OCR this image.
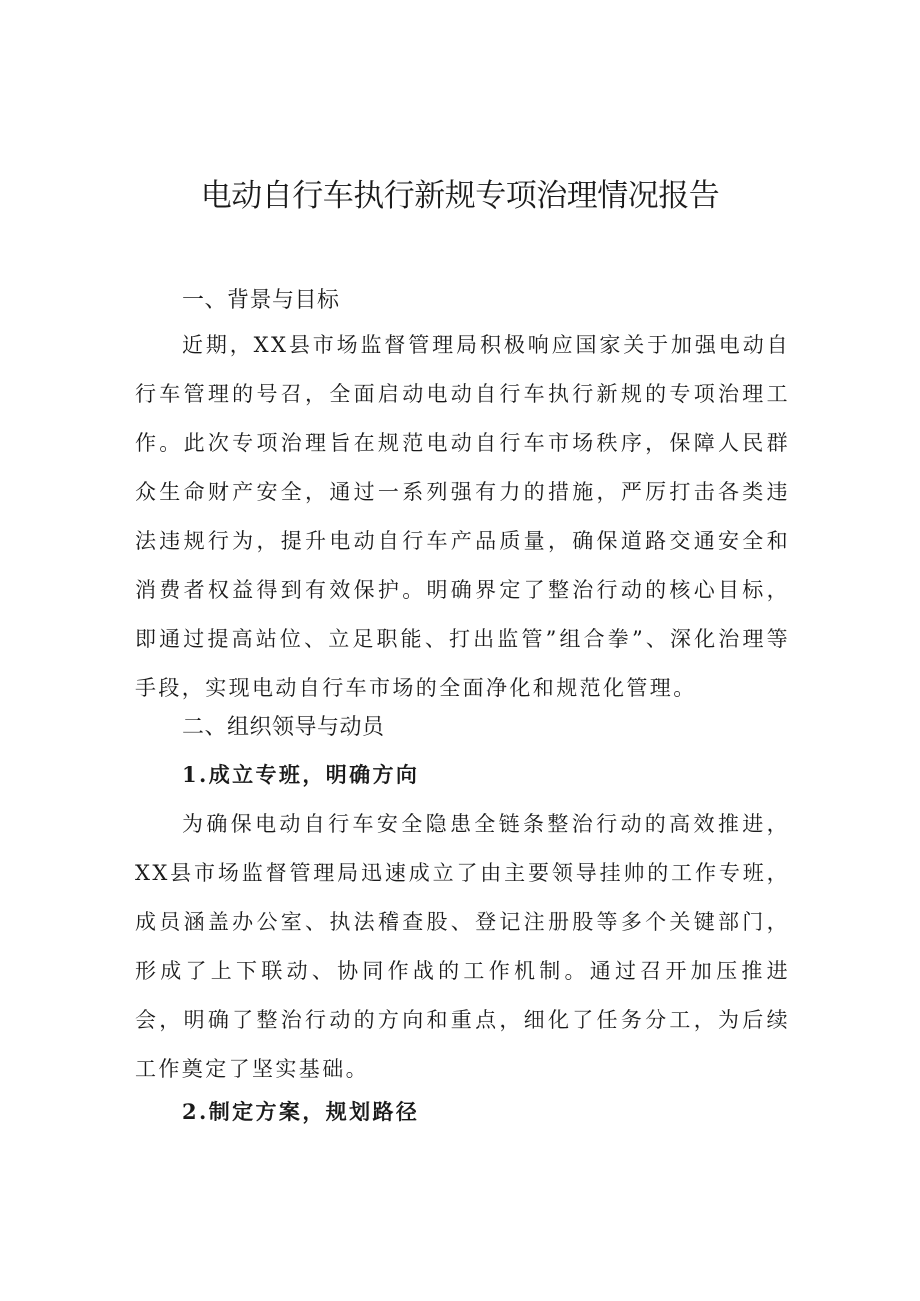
电动自行车执行新规专项治理情况报告
一、背景与目标

近期，XX县市场监督管理局积极响应国家关于加强电动自行车管理的号召，全面启动电动自行车执行新规的专项治理工作。此次专项治理旨在规范电动自行车市场秩序，保障人民群众生命财产安全，通过一系列强有力的措施，严厉打击各类违法违规行为，提升电动自行车产品质量，确保道路交通安全和消费者权益得到有效保护。明确界定了整治行动的核心目标，即通过提高站位、立足职能、打出监管”组合拳”、深化治理等手段，实现电动自行车市场的全面净化和规范化管理。

二、组织领导与动员
1.成立专班，明确方向

为确保电动自行车安全隐患全链条整治行动的高效推进，XX县市场监督管理局迅速成立了由主要领导挂帅的工作专班，成员涵盖办公室、执法稽查股、登记注册股等多个关键部门，形成了上下联动、协同作战的工作机制。通过召开加压推进会，明确了整治行动的方向和重点，细化了任务分工，为后续工作奠定了坚实基础。

2.制定方案，规划路径
